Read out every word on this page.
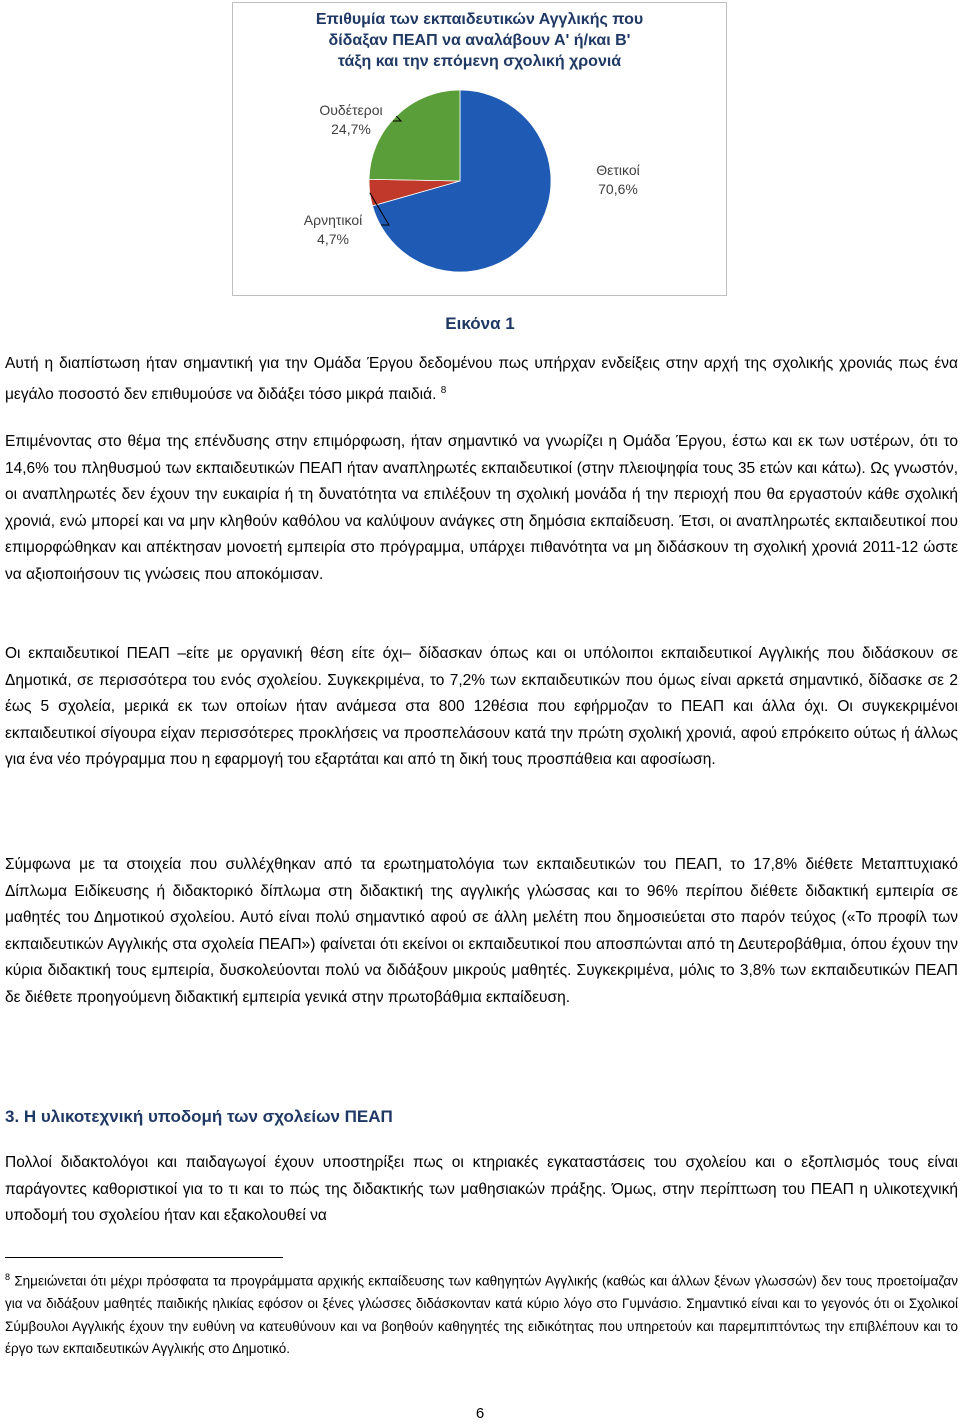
Επιθυμία των εκπαιδευτικών Αγγλικής που
δίδαξαν ΠΕΑΠ να αναλάβουν Α' ή/και Β'
τάξη και την επόμενη σχολική χρονιά
Θετικοί
70,6%
Αρνητικοί
4,7%
Ουδέτεροι
24,7%
Εικόνα 1

Αυτή η διαπίστωση ήταν σημαντική για την Ομάδα Έργου δεδομένου πως υπήρχαν ενδείξεις στην αρχή της σχολικής χρονιάς πως ένα μεγάλο ποσοστό δεν επιθυμούσε να διδάξει τόσο μικρά παιδιά. $^8$

Επιμένοντας στο θέμα της επένδυσης στην επιμόρφωση, ήταν σημαντικό να γνωρίζει η Ομάδα Έργου, έστω και εκ των υστέρων, ότι το 14,6% του πληθυσμού των εκπαιδευτικών ΠΕΑΠ ήταν αναπληρωτές εκπαιδευτικοί (στην πλειοψηφία τους 35 ετών και κάτω). Ως γνωστόν, οι αναπληρωτές δεν έχουν την ευκαιρία ή τη δυνατότητα να επιλέξουν τη σχολική μονάδα ή την περιοχή που θα εργαστούν κάθε σχολική χρονιά, ενώ μπορεί και να μην κληθούν καθόλου να καλύψουν ανάγκες στη δημόσια εκπαίδευση. Έτσι, οι αναπληρωτές εκπαιδευτικοί που επιμορφώθηκαν και απέκτησαν μονοετή εμπειρία στο πρόγραμμα, υπάρχει πιθανότητα να μη διδάσκουν τη σχολική χρονιά 2011-12 ώστε να αξιοποιήσουν τις γνώσεις που αποκόμισαν.

Οι εκπαιδευτικοί ΠΕΑΠ –είτε με οργανική θέση είτε όχι– δίδασκαν όπως και οι υπόλοιποι εκπαιδευτικοί Αγγλικής που διδάσκουν σε Δημοτικά, σε περισσότερα του ενός σχολείου. Συγκεκριμένα, το 7,2% των εκπαιδευτικών που όμως είναι αρκετά σημαντικό, δίδασκε σε 2 έως 5 σχολεία, μερικά εκ των οποίων ήταν ανάμεσα στα 800 12θέσια που εφήρμοζαν το ΠΕΑΠ και άλλα όχι. Οι συγκεκριμένοι εκπαιδευτικοί σίγουρα είχαν περισσότερες προκλήσεις να προσπελάσουν κατά την πρώτη σχολική χρονιά, αφού επρόκειτο ούτως ή άλλως για ένα νέο πρόγραμμα που η εφαρμογή του εξαρτάται και από τη δική τους προσπάθεια και αφοσίωση.

Σύμφωνα με τα στοιχεία που συλλέχθηκαν από τα ερωτηματολόγια των εκπαιδευτικών του ΠΕΑΠ, το 17,8% διέθετε Μεταπτυχιακό Δίπλωμα Ειδίκευσης ή διδακτορικό δίπλωμα στη διδακτική της αγγλικής γλώσσας και το 96% περίπου διέθετε διδακτική εμπειρία σε μαθητές του Δημοτικού σχολείου. Αυτό είναι πολύ σημαντικό αφού σε άλλη μελέτη που δημοσιεύεται στο παρόν τεύχος («Το προφίλ των εκπαιδευτικών Αγγλικής στα σχολεία ΠΕΑΠ») φαίνεται ότι εκείνοι οι εκπαιδευτικοί που αποσπώνται από τη Δευτεροβάθμια, όπου έχουν την κύρια διδακτική τους εμπειρία, δυσκολεύονται πολύ να διδάξουν μικρούς μαθητές. Συγκεκριμένα, μόλις το 3,8% των εκπαιδευτικών ΠΕΑΠ δε διέθετε προηγούμενη διδακτική εμπειρία γενικά στην πρωτοβάθμια εκπαίδευση.

3. Η υλικοτεχνική υποδομή των σχολείων ΠΕΑΠ

Πολλοί διδακτολόγοι και παιδαγωγοί έχουν υποστηρίξει πως οι κτηριακές εγκαταστάσεις του σχολείου και ο εξοπλισμός τους είναι παράγοντες καθοριστικοί για το τι και το πώς της διδακτικής των μαθησιακών πράξης. Όμως, στην περίπτωση του ΠΕΑΠ η υλικοτεχνική υποδομή του σχολείου ήταν και εξακολουθεί να

$^8$ Σημειώνεται ότι μέχρι πρόσφατα τα προγράμματα αρχικής εκπαίδευσης των καθηγητών Αγγλικής (καθώς και άλλων ξένων γλωσσών) δεν τους προετοίμαζαν για να διδάξουν μαθητές παιδικής ηλικίας εφόσον οι ξένες γλώσσες διδάσκονταν κατά κύριο λόγο στο Γυμνάσιο. Σημαντικό είναι και το γεγονός ότι οι Σχολικοί Σύμβουλοι Αγγλικής έχουν την ευθύνη να κατευθύνουν και να βοηθούν καθηγητές της ειδικότητας που υπηρετούν και παρεμπιπτόντως την επιβλέπουν και το έργο των εκπαιδευτικών Αγγλικής στο Δημοτικό.

6
